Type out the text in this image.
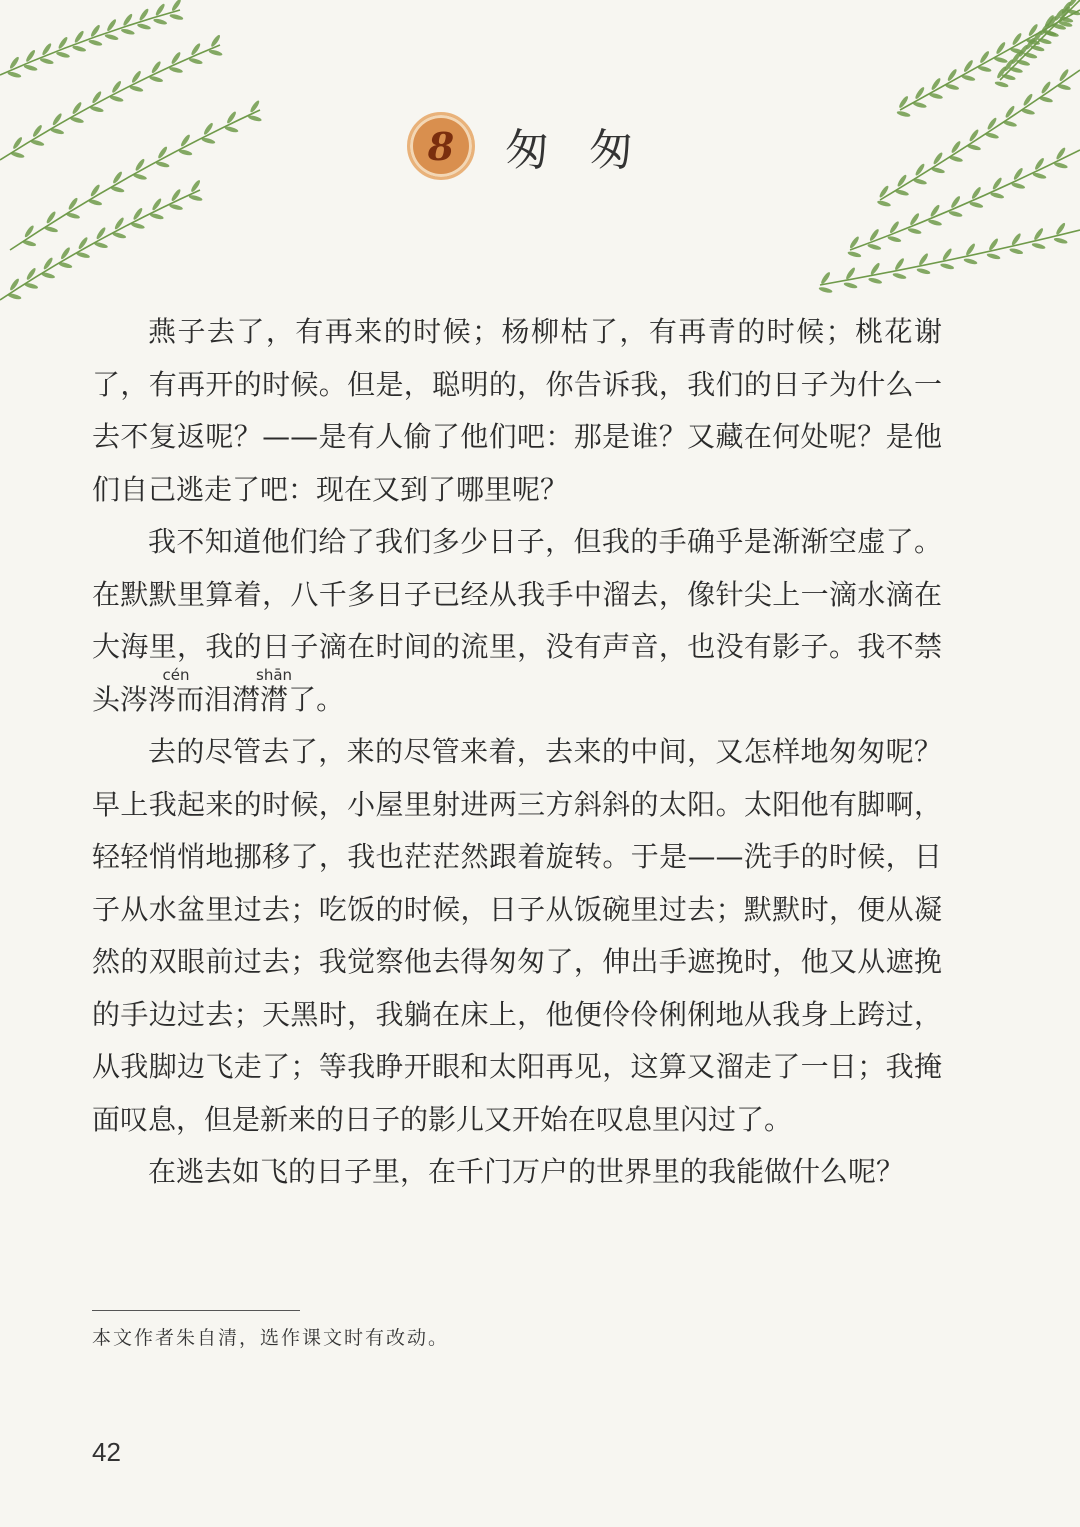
8 匆匆

燕子去了，有再来的时候；杨柳枯了，有再青的时候；桃花谢了，有再开的时候。但是，聪明的，你告诉我，我们的日子为什么一去不复返呢？——是有人偷了他们吧：那是谁？又藏在何处呢？是他们自己逃走了吧：现在又到了哪里呢？

我不知道他们给了我们多少日子，但我的手确乎是渐渐空虚了。在默默里算着，八千多日子已经从我手中溜去，像针尖上一滴水滴在大海里，我的日子滴在时间的流里，没有声音，也没有影子。我不禁头
cén
涔涔而
shān
泪潸潸了。

去的尽管去了，来的尽管来着，去来的中间，又怎样地匆匆呢？早上我起来的时候，小屋里射进两三方斜斜的太阳。太阳他有脚啊，轻轻悄悄地挪移了，我也茫茫然跟着旋转。于是——洗手的时候，日子从水盆里过去；吃饭的时候，日子从饭碗里过去；默默时，便从凝然的双眼前过去；我觉察他去得匆匆了，伸出手遮挽时，他又从遮挽的手边过去；天黑时，我躺在床上，他便伶伶俐俐地从我身上跨过，从我脚边飞走了；等我睁开眼和太阳再见，这算又溜走了一日；我掩面叹息，但是新来的日子的影儿又开始在叹息里闪过了。

在逃去如飞的日子里，在千门万户的世界里的我能做什么呢？

本文作者朱自清，选作课文时有改动。
42
